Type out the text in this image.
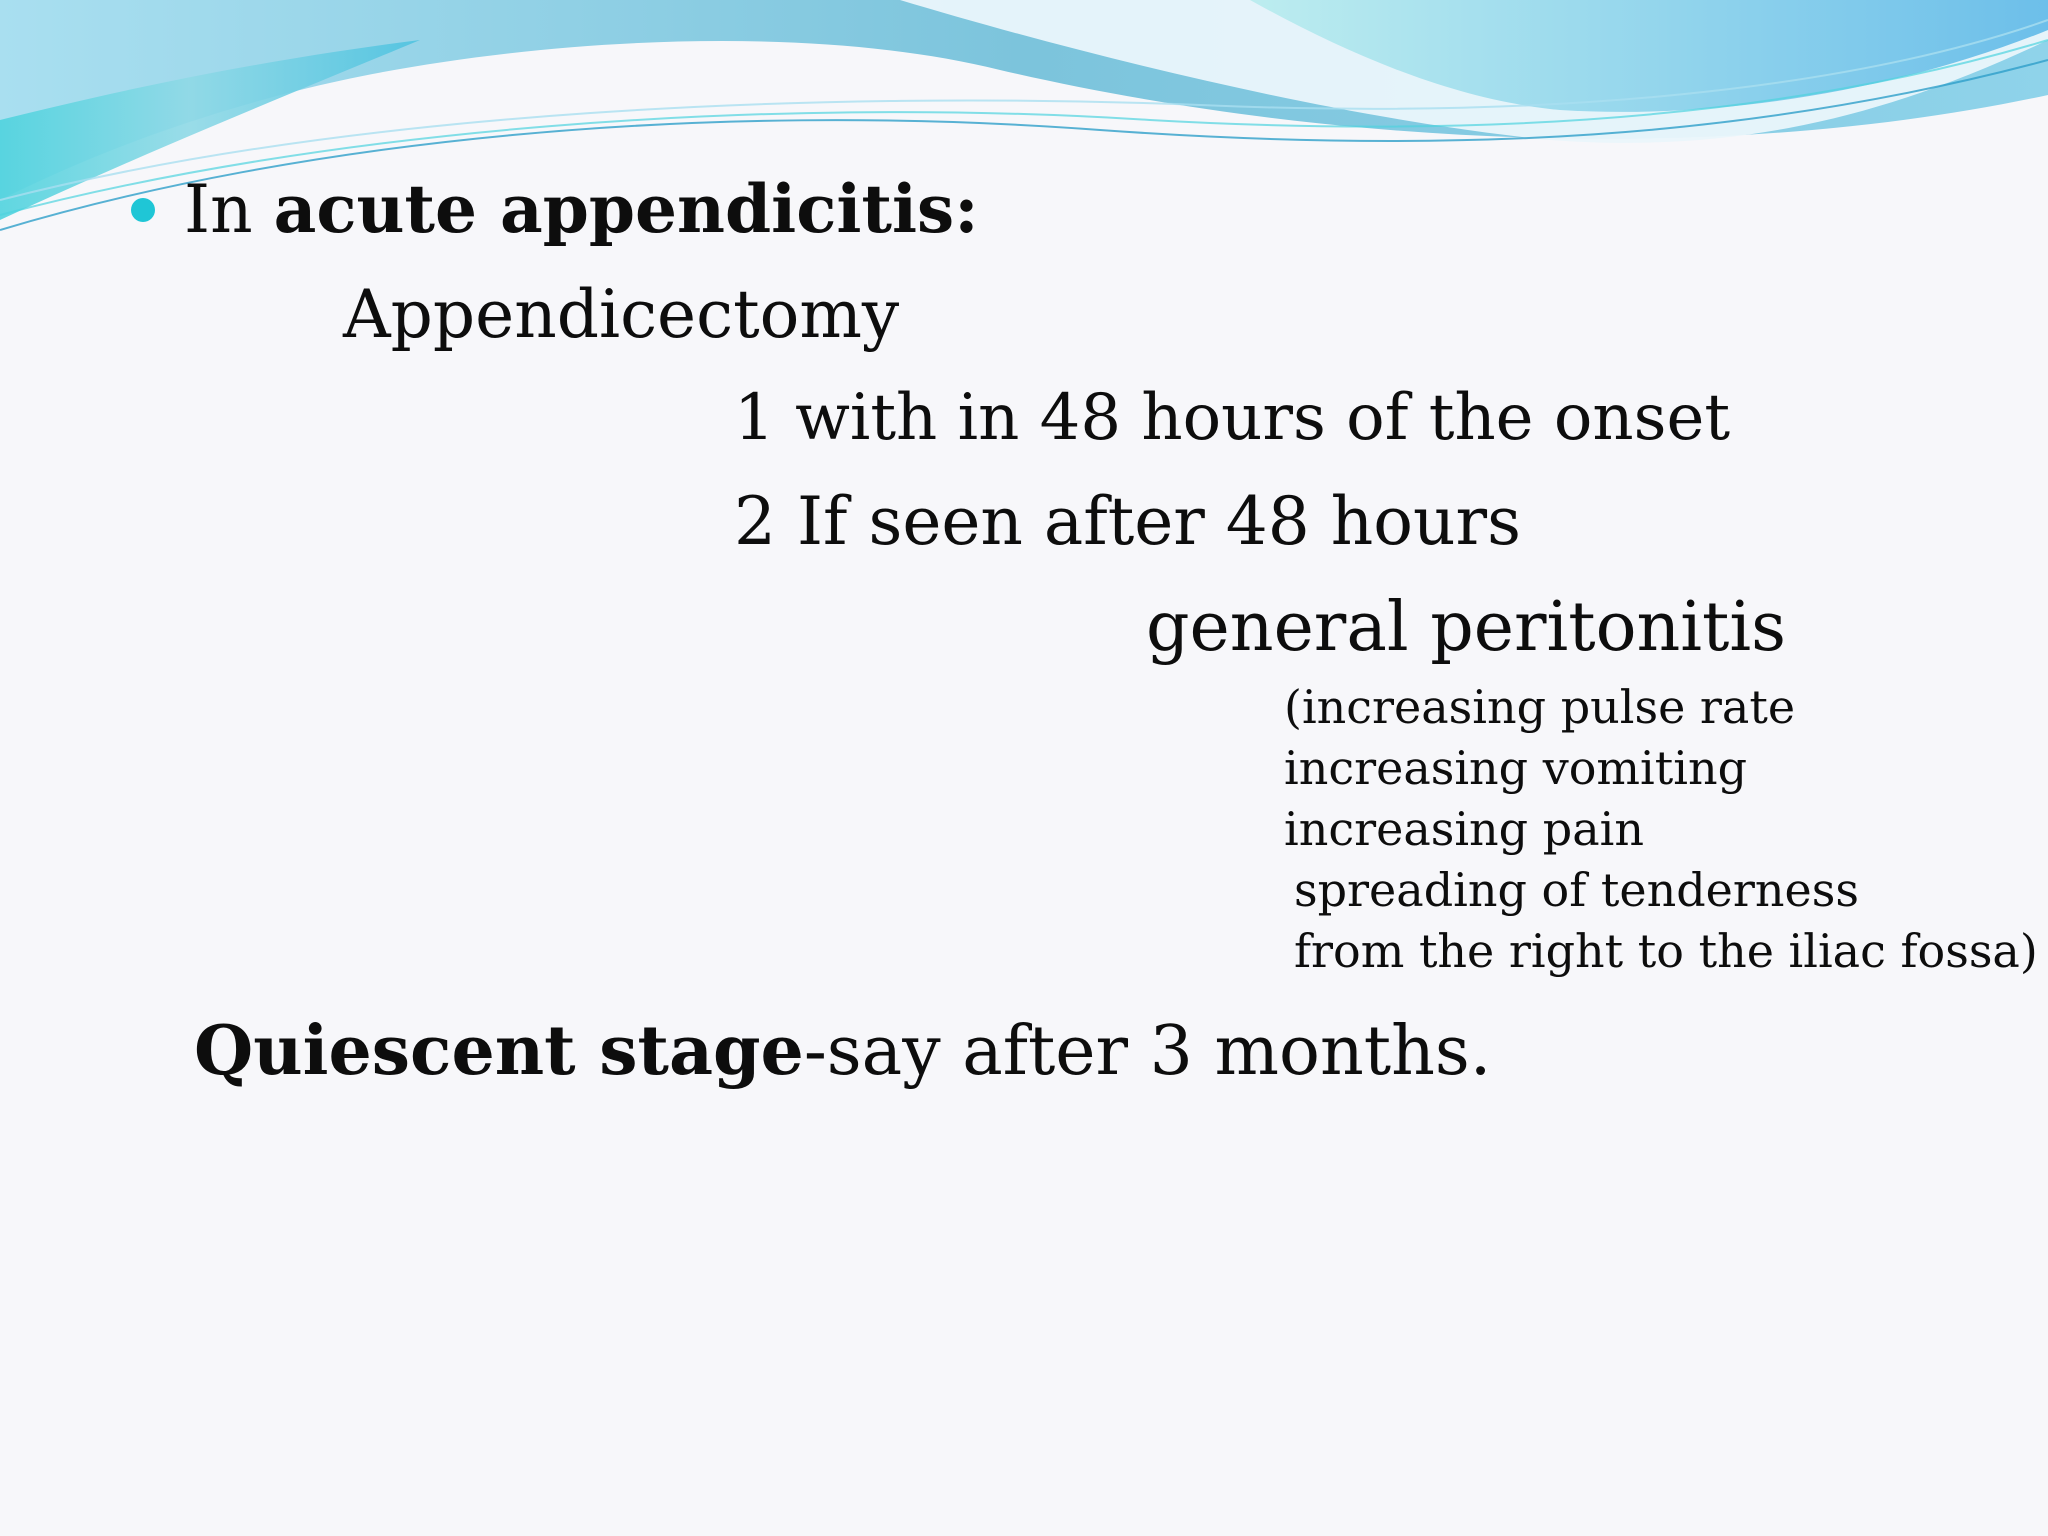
In acute appendicitis:

Appendicectomy

1 with in 48 hours of the onset

2 If seen after 48 hours

general peritonitis

(increasing pulse rate

increasing vomiting

increasing pain

spreading of tenderness

from the right to the iliac fossa)

Quiescent stage-say after 3 months.
